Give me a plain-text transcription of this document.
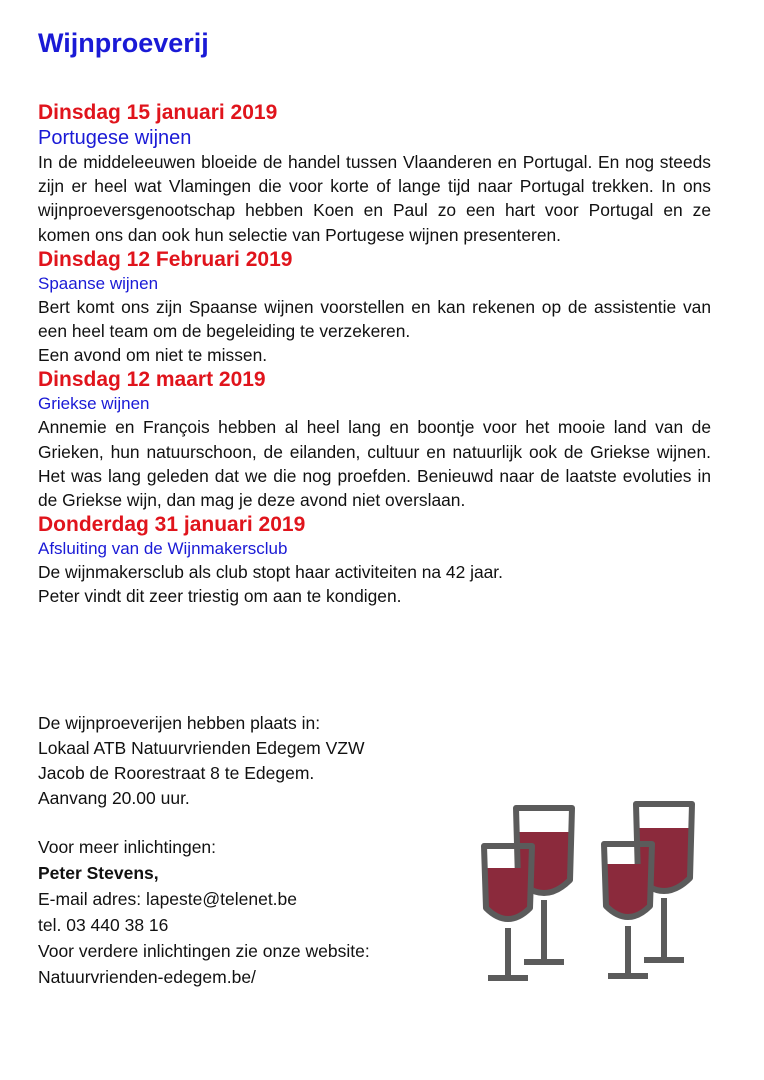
Wijnproeverij
Dinsdag 15 januari 2019
Portugese wijnen

In de middeleeuwen bloeide de handel tussen Vlaanderen en Portugal. En nog steeds zijn er heel wat Vlamingen die voor korte of lange tijd naar Portugal trekken. In ons wijnproeversgenootschap hebben Koen en Paul zo een hart voor Portugal en ze komen ons dan ook hun selectie van Portugese wijnen presenteren.

Dinsdag 12 Februari 2019
Spaanse wijnen

Bert komt ons zijn Spaanse wijnen voorstellen en kan rekenen op de assistentie van een heel team om de begeleiding te verzekeren.

Een avond om niet te missen.

Dinsdag 12 maart 2019
Griekse wijnen

Annemie en François hebben al heel lang en boontje voor het mooie land van de Grieken, hun natuurschoon, de eilanden, cultuur en natuurlijk ook de Griekse wijnen. Het was lang geleden dat we die nog proefden. Benieuwd naar de laatste evoluties in de Griekse wijn, dan mag je deze avond niet overslaan.

Donderdag 31 januari 2019
Afsluiting van de Wijnmakersclub

De wijnmakersclub als club stopt haar activiteiten na 42 jaar.

Peter vindt dit zeer triestig om aan te kondigen.

De wijnproeverijen hebben plaats in:
Lokaal ATB Natuurvrienden Edegem VZW
Jacob de Roorestraat 8 te Edegem.
Aanvang 20.00 uur.
Voor meer inlichtingen:
Peter Stevens,
E-mail adres: lapeste@telenet.be
tel. 03 440 38 16
Voor verdere inlichtingen zie onze website:
Natuurvrienden-edegem.be/
